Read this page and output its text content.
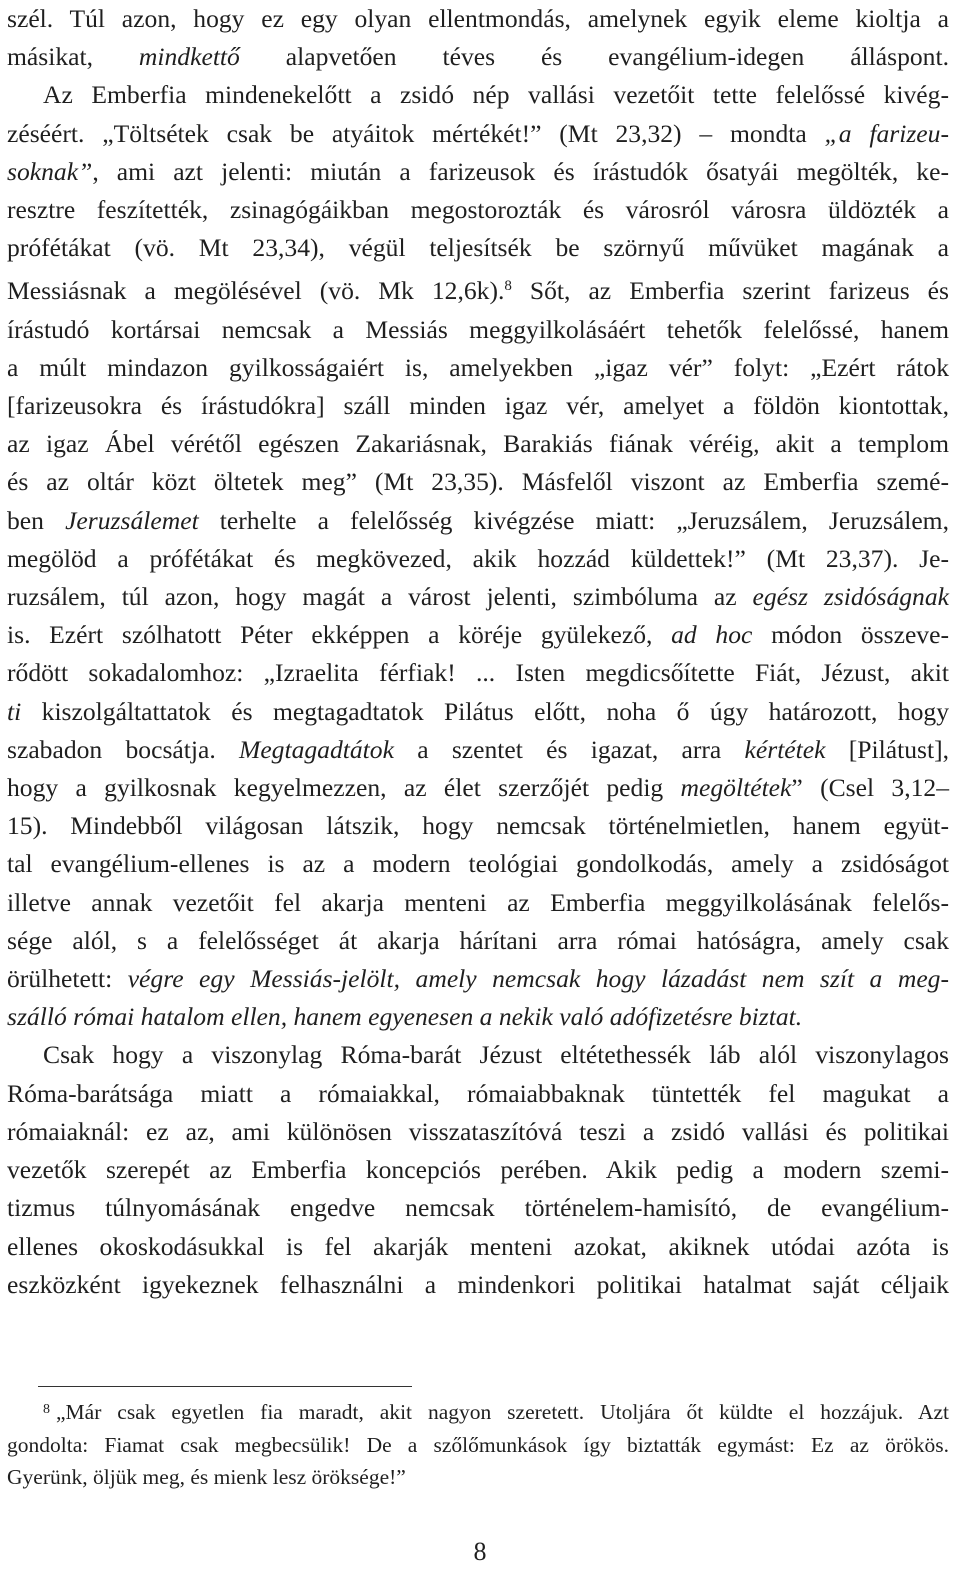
szél. Túl azon, hogy ez egy olyan ellentmondás, amelynek egyik eleme kioltja a
másikat, mindkettő alapvetően téves és evangélium-idegen álláspont.
Az Emberfia mindenekelőtt a zsidó nép vallási vezetőit tette felelőssé kivég-
zéséért. „Töltsétek csak be atyáitok mértékét!” (Mt 23,32) – mondta „a farizeu-
soknak”, ami azt jelenti: miután a farizeusok és írástudók ősatyái megölték, ke-
resztre feszítették, zsinagógáikban megostorozták és városról városra üldözték a
prófétákat (vö. Mt 23,34), végül teljesítsék be szörnyű művüket magának a
Messiásnak a megölésével (vö. Mk 12,6k).$^8$ Sőt, az Emberfia szerint farizeus és
írástudó kortársai nemcsak a Messiás meggyilkolásáért tehetők felelőssé, hanem
a múlt mindazon gyilkosságaiért is, amelyekben „igaz vér” folyt: „Ezért rátok
[farizeusokra és írástudókra] száll minden igaz vér, amelyet a földön kiontottak,
az igaz Ábel vérétől egészen Zakariásnak, Barakiás fiának véréig, akit a templom
és az oltár közt öltetek meg” (Mt 23,35). Másfelől viszont az Emberfia szemé-
ben Jeruzsálemet terhelte a felelősség kivégzése miatt: „Jeruzsálem, Jeruzsálem,
megölöd a prófétákat és megkövezed, akik hozzád küldettek!” (Mt 23,37). Je-
ruzsálem, túl azon, hogy magát a várost jelenti, szimbóluma az egész zsidóságnak
is. Ezért szólhatott Péter ekképpen a köréje gyülekező, ad hoc módon összeve-
rődött sokadalomhoz: „Izraelita férfiak! ... Isten megdicsőítette Fiát, Jézust, akit
ti kiszolgáltattatok és megtagadtatok Pilátus előtt, noha ő úgy határozott, hogy
szabadon bocsátja. Megtagadtátok a szentet és igazat, arra kértétek [Pilátust],
hogy a gyilkosnak kegyelmezzen, az élet szerzőjét pedig megöltétek” (Csel 3,12–
15). Mindebből világosan látszik, hogy nemcsak történelmietlen, hanem együt-
tal evangélium-ellenes is az a modern teológiai gondolkodás, amely a zsidóságot
illetve annak vezetőit fel akarja menteni az Emberfia meggyilkolásának felelős-
sége alól, s a felelősséget át akarja hárítani arra római hatóságra, amely csak
örülhetett: végre egy Messiás-jelölt, amely nemcsak hogy lázadást nem szít a meg-
szálló római hatalom ellen, hanem egyenesen a nekik való adófizetésre biztat.
Csak hogy a viszonylag Róma-barát Jézust eltétethessék láb alól viszonylagos
Róma-barátsága miatt a rómaiakkal, rómaiabbaknak tüntették fel magukat a
rómaiaknál: ez az, ami különösen visszataszítóvá teszi a zsidó vallási és politikai
vezetők szerepét az Emberfia koncepciós perében. Akik pedig a modern szemi-
tizmus túlnyomásának engedve nemcsak történelem-hamisító, de evangélium-
ellenes okoskodásukkal is fel akarják menteni azokat, akiknek utódai azóta is
eszközként igyekeznek felhasználni a mindenkori politikai hatalmat saját céljaik
$^8$ „Már csak egyetlen fia maradt, akit nagyon szeretett. Utoljára őt küldte el hozzájuk. Azt
gondolta: Fiamat csak megbecsülik! De a szőlőmunkások így biztatták egymást: Ez az örökös.
Gyerünk, öljük meg, és mienk lesz öröksége!”
8
